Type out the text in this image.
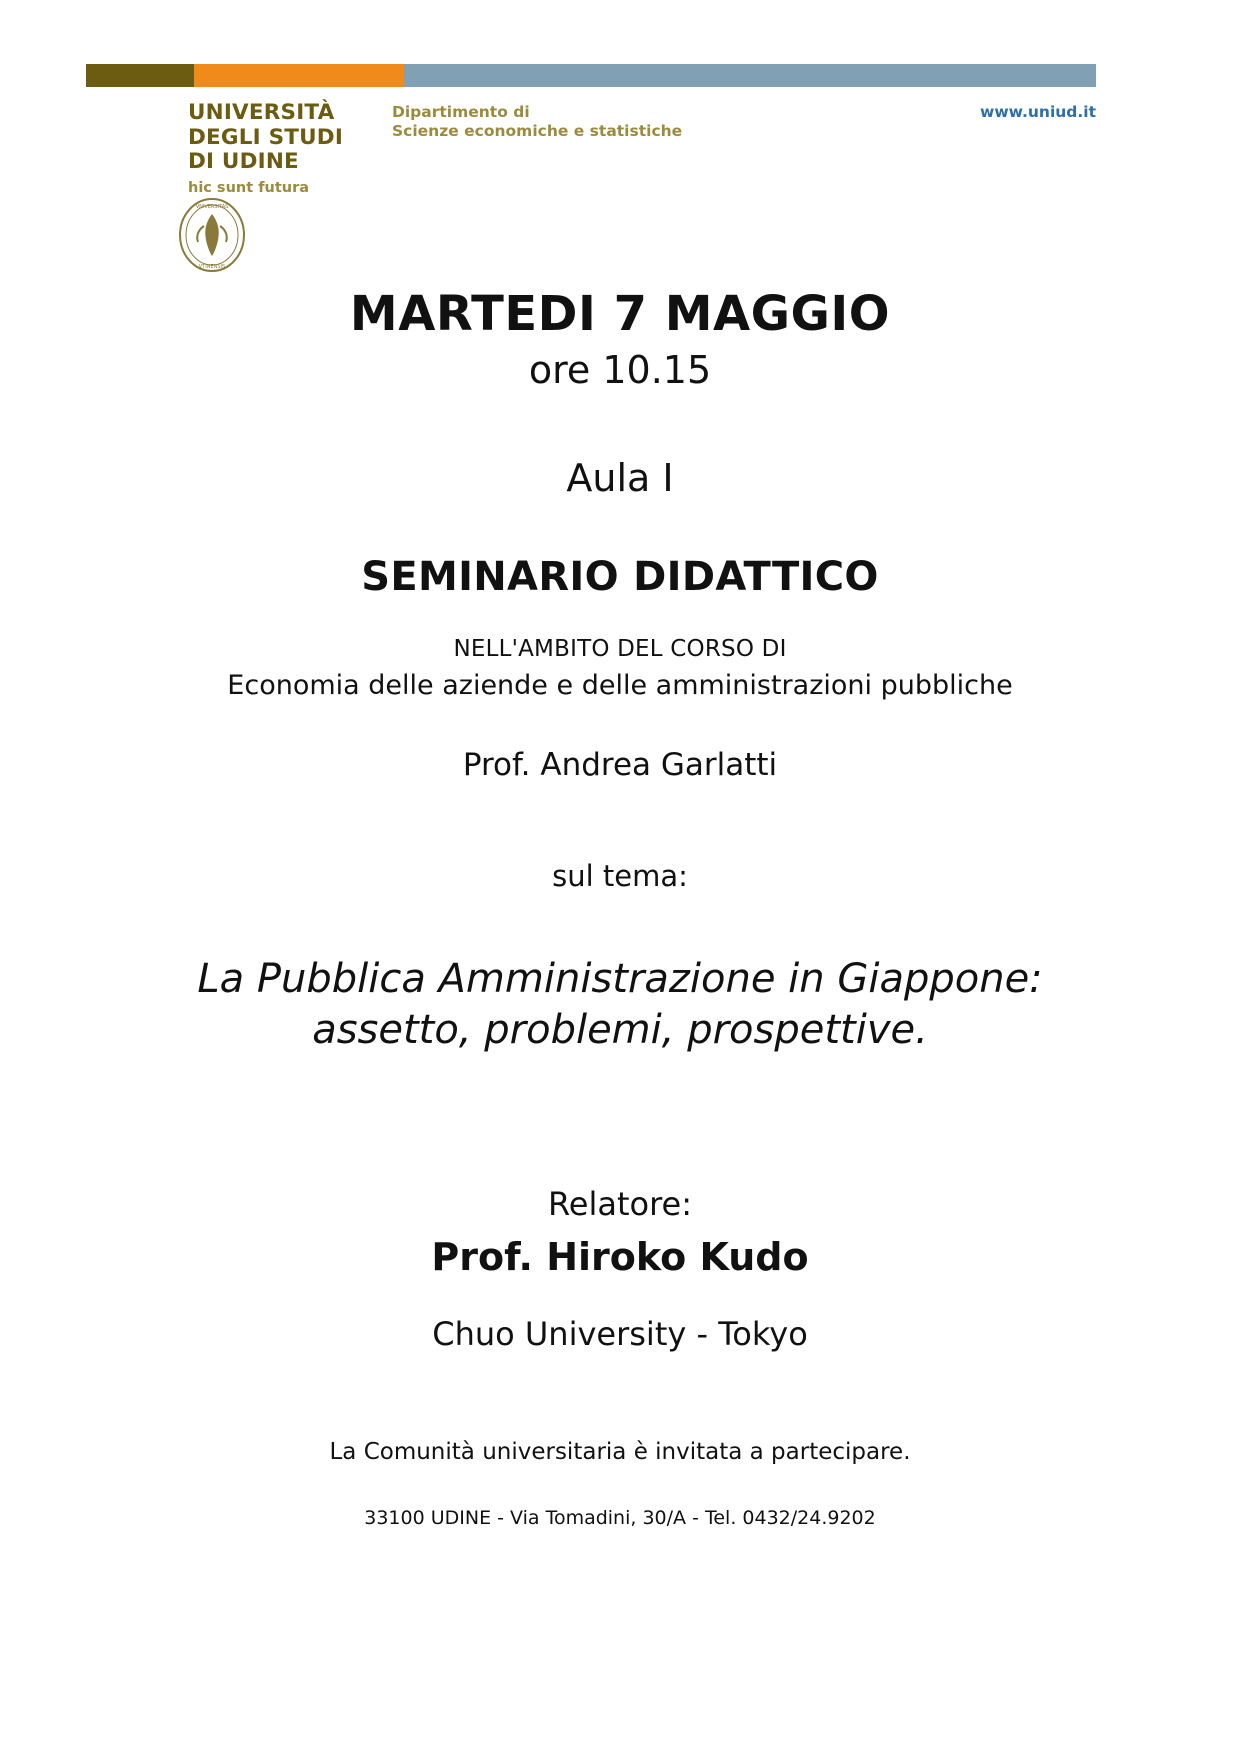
UNIVERSITÀ
DEGLI STUDI
DI UDINE
hic sunt futura
Dipartimento di
Scienze economiche e statistiche
www.uniud.it
VNIVERSITAS
VTINENSIS

MARTEDI 7 MAGGIO

ore 10.15

Aula I

SEMINARIO DIDATTICO

NELL'AMBITO DEL CORSO DI

Economia delle aziende e delle amministrazioni pubbliche

Prof. Andrea Garlatti

sul tema:

La Pubblica Amministrazione in Giappone:

assetto, problemi, prospettive.

Relatore:

Prof. Hiroko Kudo

Chuo University - Tokyo

La Comunità universitaria è invitata a partecipare.

33100 UDINE - Via Tomadini, 30/A - Tel. 0432/24.9202
